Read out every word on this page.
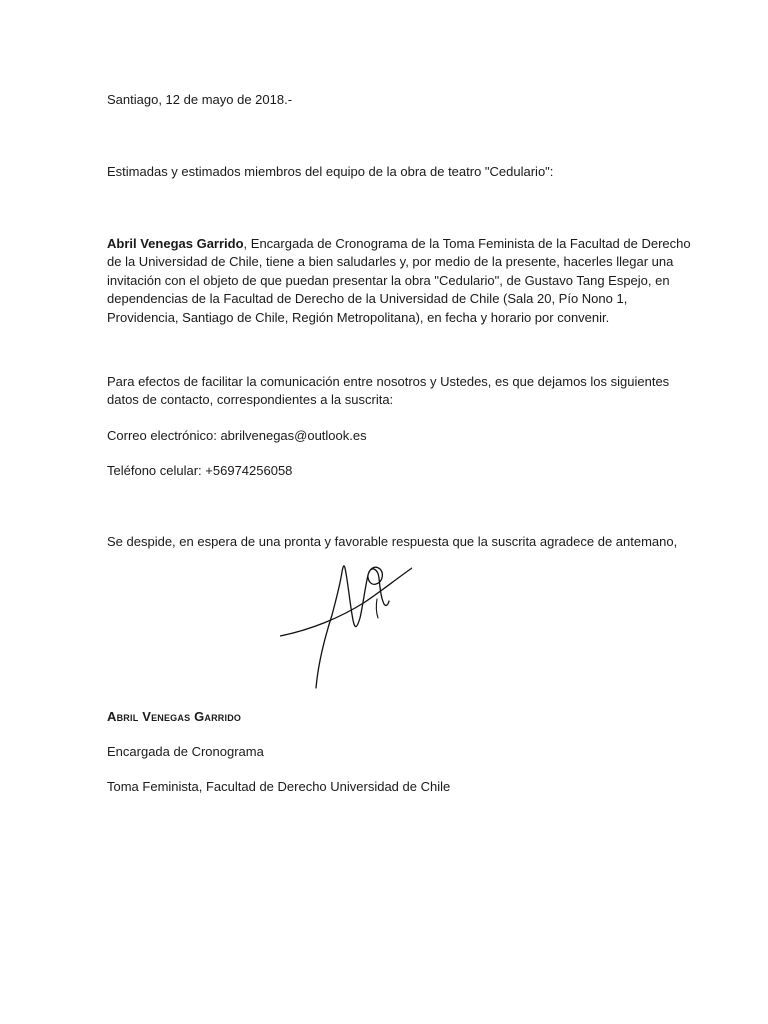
Santiago, 12 de mayo de 2018.-
Estimadas y estimados miembros del equipo de la obra de teatro "Cedulario":
Abril Venegas Garrido, Encargada de Cronograma de la Toma Feminista de la Facultad de Derecho
de la Universidad de Chile, tiene a bien saludarles y, por medio de la presente, hacerles llegar una
invitación con el objeto de que puedan presentar la obra "Cedulario", de Gustavo Tang Espejo, en
dependencias de la Facultad de Derecho de la Universidad de Chile (Sala 20, Pío Nono 1,
Providencia, Santiago de Chile, Región Metropolitana), en fecha y horario por convenir.
Para efectos de facilitar la comunicación entre nosotros y Ustedes, es que dejamos los siguientes
datos de contacto, correspondientes a la suscrita:
Correo electrónico: abrilvenegas@outlook.es
Teléfono celular: +56974256058
Se despide, en espera de una pronta y favorable respuesta que la suscrita agradece de antemano,
Abril Venegas Garrido
Encargada de Cronograma
Toma Feminista, Facultad de Derecho Universidad de Chile
